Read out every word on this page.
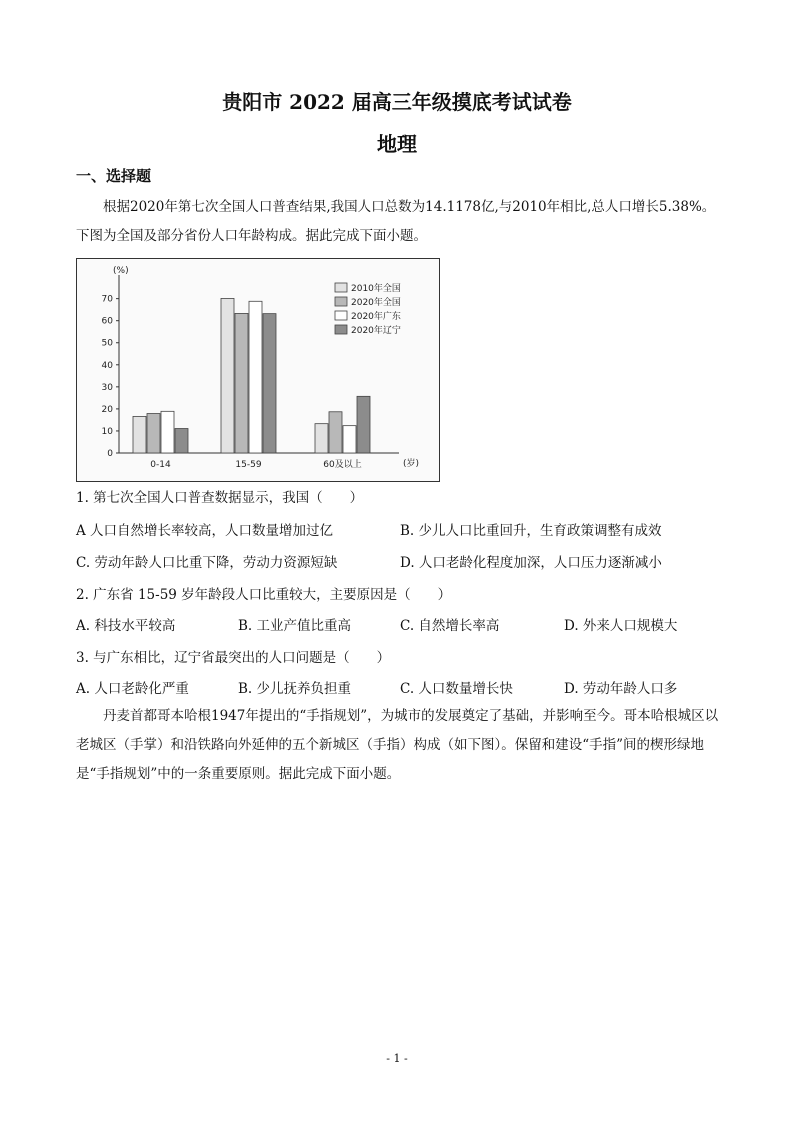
贵阳市 2022 届高三年级摸底考试试卷
地理
一、选择题
根据2020年第七次全国人口普查结果,我国人口总数为14.1178亿,与2010年相比,总人口增长5.38%。下图为全国及部分省份人口年龄构成。据此完成下面小题。
(%)
(岁)
0
10
20
30
40
50
60
70
0-14	15-59	60及以上
2010年全国
2020年全国
2020年广东
2020年辽宁
1. 第七次全国人口普查数据显示，我国（　　）
A 人口自然增长率较高，人口数量增加过亿	B. 少儿人口比重回升，生育政策调整有成效
C. 劳动年龄人口比重下降，劳动力资源短缺	D. 人口老龄化程度加深，人口压力逐渐减小
2. 广东省 15-59 岁年龄段人口比重较大，主要原因是（　　）
A. 科技水平较高	B. 工业产值比重高	C. 自然增长率高	D. 外来人口规模大
3. 与广东相比，辽宁省最突出的人口问题是（　　）
A. 人口老龄化严重	B. 少儿抚养负担重	C. 人口数量增长快	D. 劳动年龄人口多
丹麦首都哥本哈根1947年提出的“手指规划”，为城市的发展奠定了基础，并影响至今。哥本哈根城区以老城区（手掌）和沿铁路向外延伸的五个新城区（手指）构成（如下图）。保留和建设“手指”间的楔形绿地是“手指规划”中的一条重要原则。据此完成下面小题。
- 1 -
